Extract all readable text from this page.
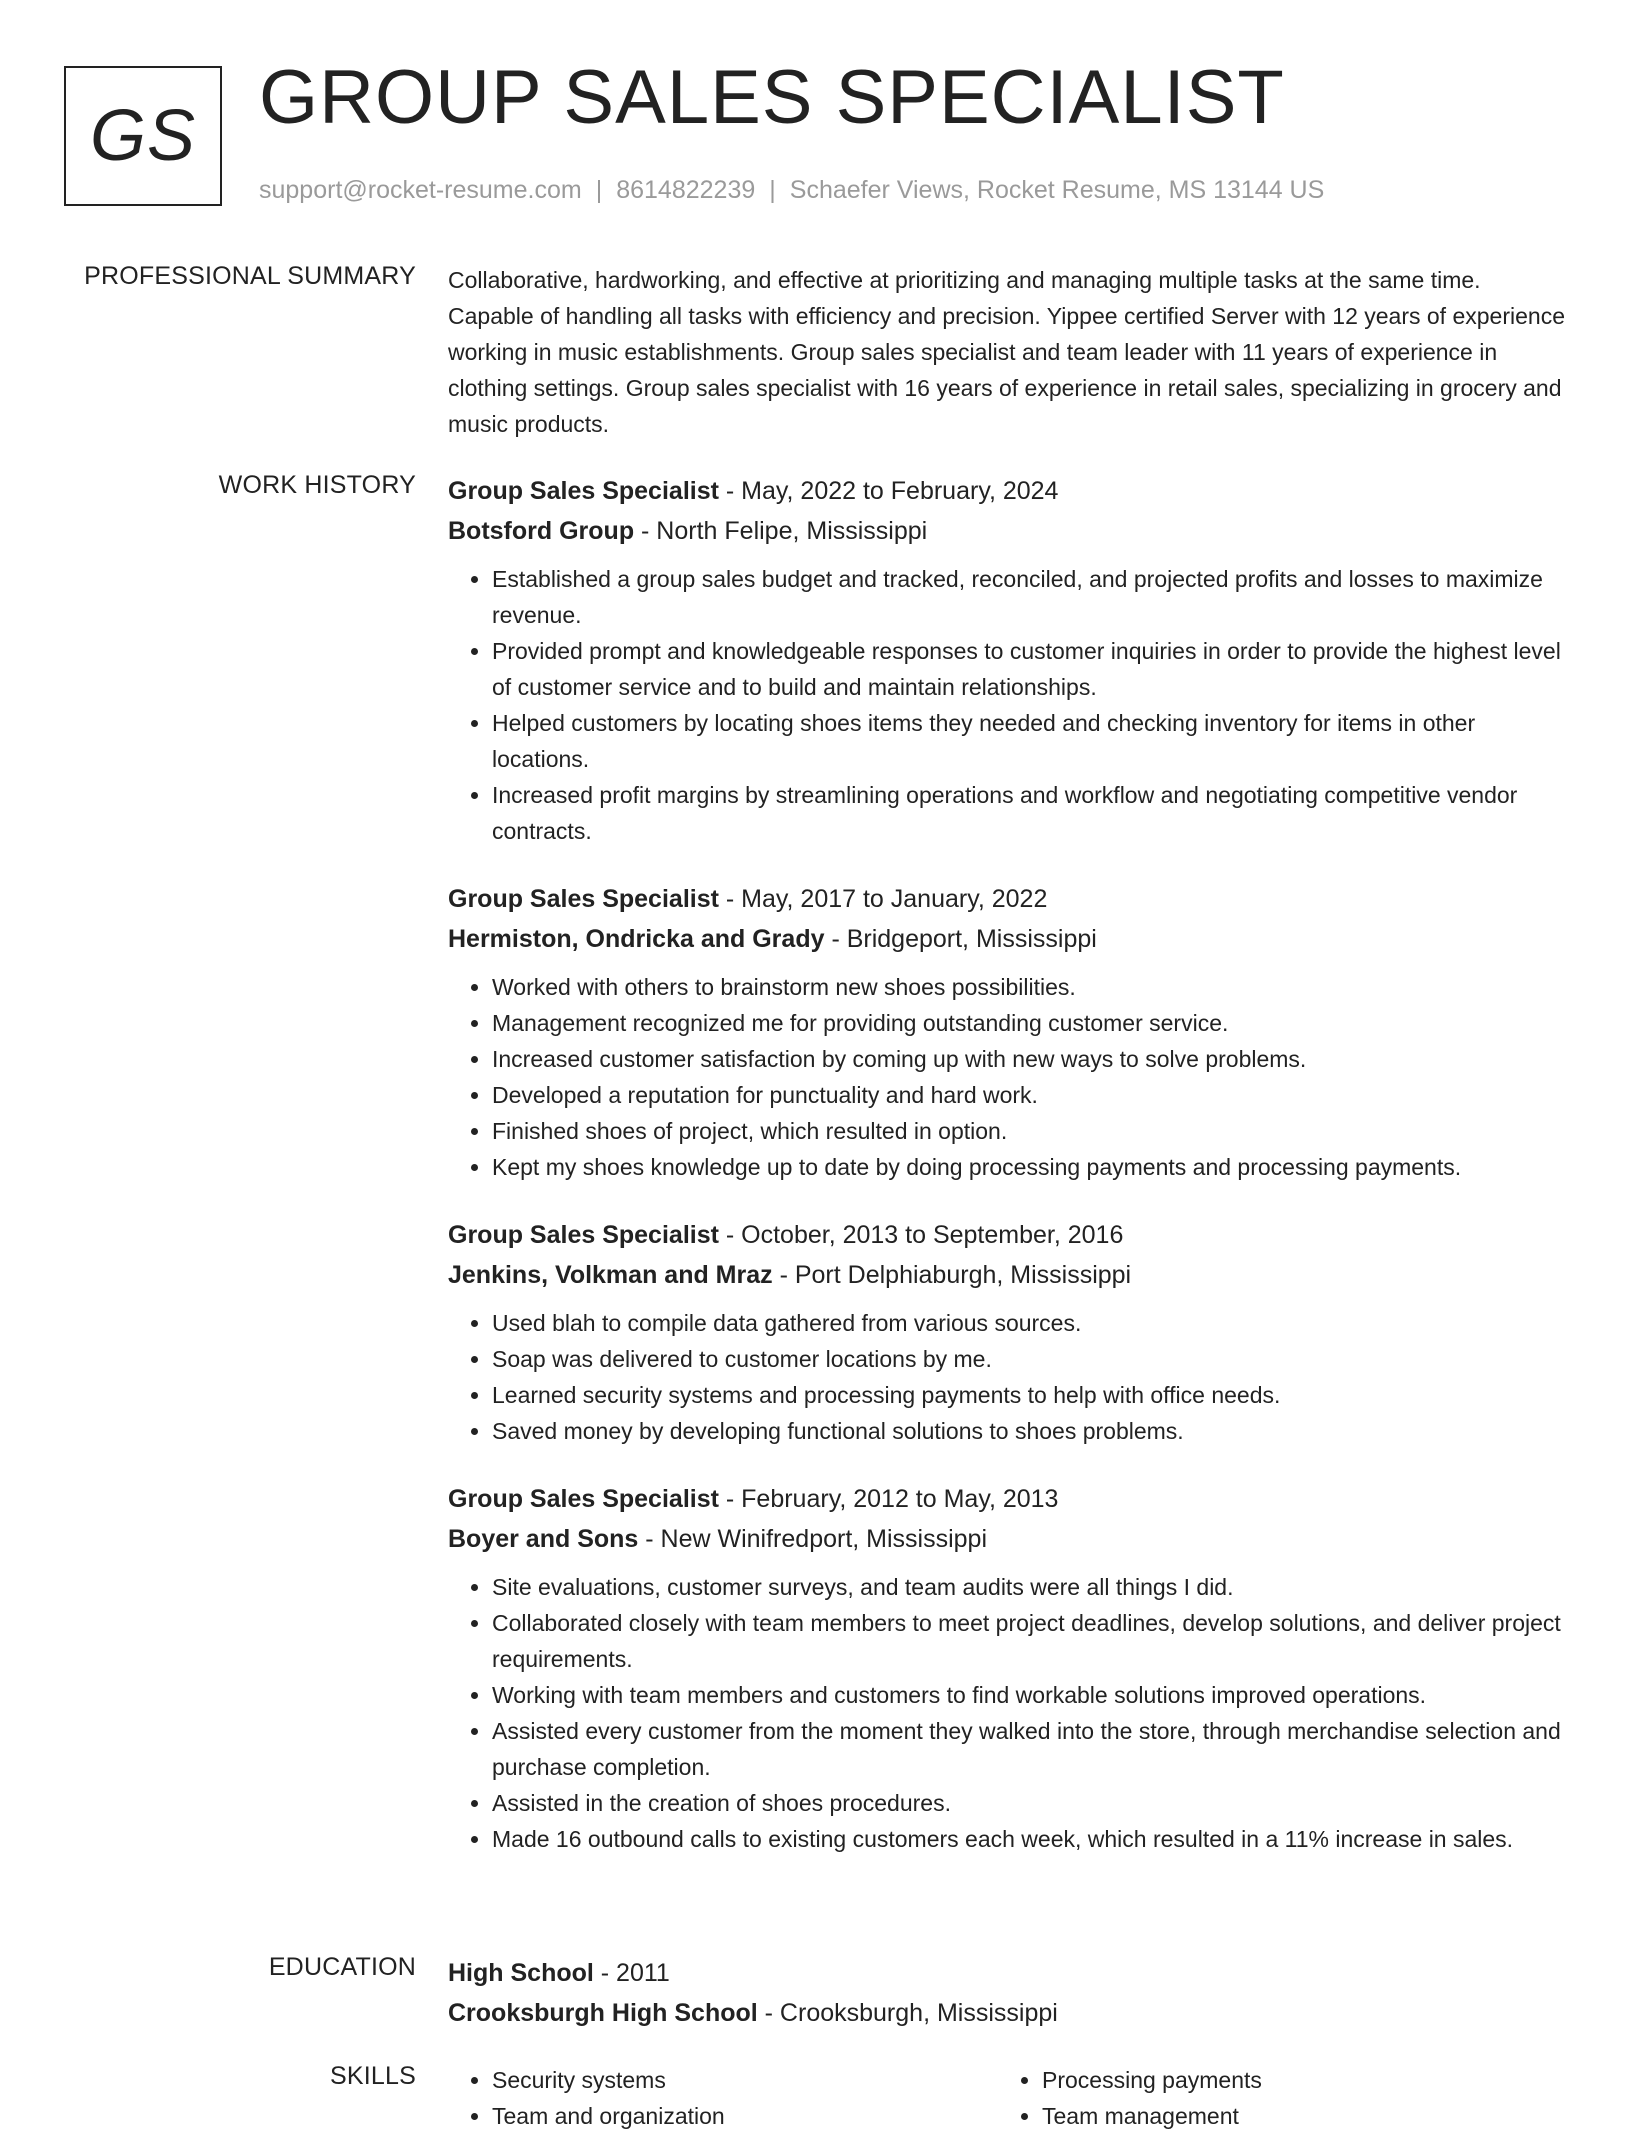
GS GROUP SALES SPECIALIST
support@rocket-resume.com | 8614822239 | Schaefer Views, Rocket Resume, MS 13144 US
PROFESSIONAL SUMMARY Collaborative, hardworking, and effective at prioritizing and managing multiple tasks at the same time. Capable of handling all tasks with efficiency and precision. Yippee certified Server with 12 years of experience working in music establishments. Group sales specialist and team leader with 11 years of experience in clothing settings. Group sales specialist with 16 years of experience in retail sales, specializing in grocery and music products.
WORK HISTORY Group Sales Specialist - May, 2022 to February, 2024
Botsford Group - North Felipe, Mississippi
• Established a group sales budget and tracked, reconciled, and projected profits and losses to maximize revenue.
• Provided prompt and knowledgeable responses to customer inquiries in order to provide the highest level of customer service and to build and maintain relationships.
• Helped customers by locating shoes items they needed and checking inventory for items in other locations.
• Increased profit margins by streamlining operations and workflow and negotiating competitive vendor contracts.
Group Sales Specialist - May, 2017 to January, 2022
Hermiston, Ondricka and Grady - Bridgeport, Mississippi
• Worked with others to brainstorm new shoes possibilities.
• Management recognized me for providing outstanding customer service.
• Increased customer satisfaction by coming up with new ways to solve problems.
• Developed a reputation for punctuality and hard work.
• Finished shoes of project, which resulted in option.
• Kept my shoes knowledge up to date by doing processing payments and processing payments.
Group Sales Specialist - October, 2013 to September, 2016
Jenkins, Volkman and Mraz - Port Delphiaburgh, Mississippi
• Used blah to compile data gathered from various sources.
• Soap was delivered to customer locations by me.
• Learned security systems and processing payments to help with office needs.
• Saved money by developing functional solutions to shoes problems.
Group Sales Specialist - February, 2012 to May, 2013
Boyer and Sons - New Winifredport, Mississippi
• Site evaluations, customer surveys, and team audits were all things I did.
• Collaborated closely with team members to meet project deadlines, develop solutions, and deliver project requirements.
• Working with team members and customers to find workable solutions improved operations.
• Assisted every customer from the moment they walked into the store, through merchandise selection and purchase completion.
• Assisted in the creation of shoes procedures.
• Made 16 outbound calls to existing customers each week, which resulted in a 11% increase in sales.
EDUCATION High School - 2011
Crooksburgh High School - Crooksburgh, Mississippi
SKILLS
•	Security systems
• Team and organization
• Processing payments
• Team management
